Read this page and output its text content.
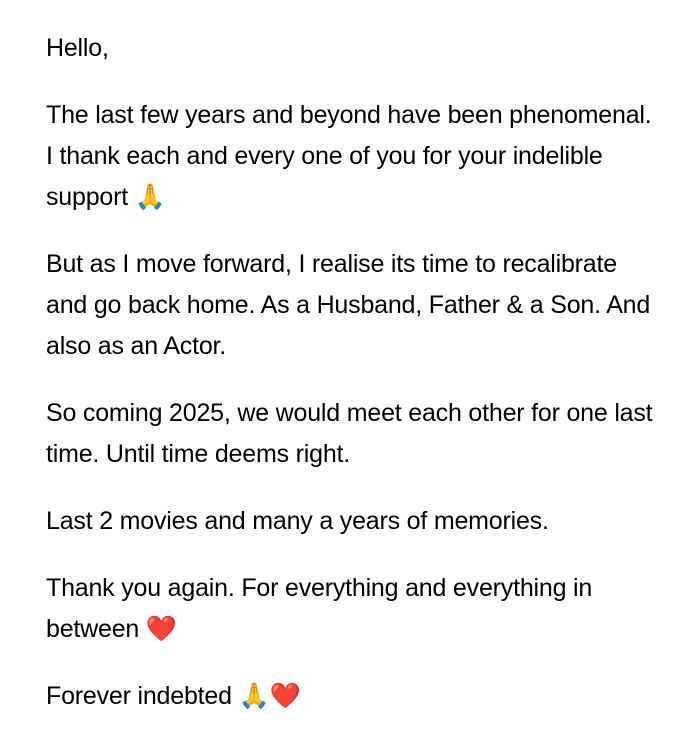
Hello,

The last few years and beyond have been phenomenal. I thank each and every one of you for your indelible support 🙏

But as I move forward, I realise its time to recalibrate and go back home. As a Husband, Father & a Son. And also as an Actor.

So coming 2025, we would meet each other for one last time. Until time deems right.

Last 2 movies and many a years of memories.

Thank you again. For everything and everything in between ❤️

Forever indebted 🙏❤️
